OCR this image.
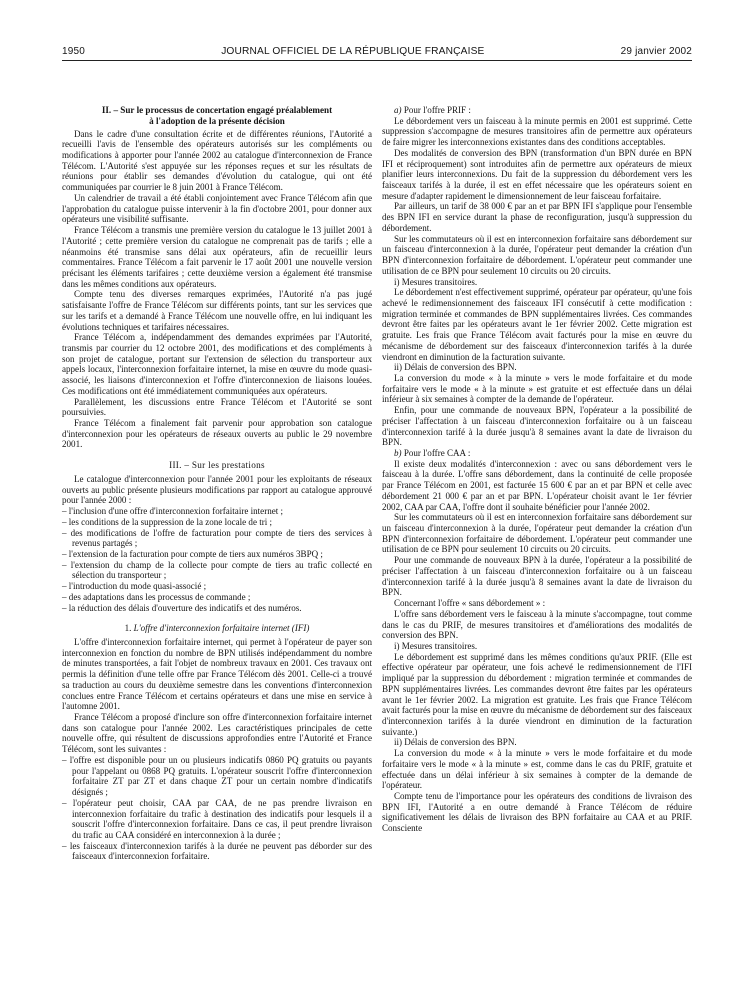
1950	JOURNAL OFFICIEL DE LA RÉPUBLIQUE FRANÇAISE	29 janvier 2002
II. – Sur le processus de concertation engagé préalablement
à l'adoption de la présente décision

Dans le cadre d'une consultation écrite et de différentes réunions, l'Autorité a recueilli l'avis de l'ensemble des opérateurs autorisés sur les compléments ou modifications à apporter pour l'année 2002 au catalogue d'interconnexion de France Télécom. L'Autorité s'est appuyée sur les réponses reçues et sur les résultats de réunions pour établir ses demandes d'évolution du catalogue, qui ont été communiquées par courrier le 8 juin 2001 à France Télécom.

Un calendrier de travail a été établi conjointement avec France Télécom afin que l'approbation du catalogue puisse intervenir à la fin d'octobre 2001, pour donner aux opérateurs une visibilité suffisante.

France Télécom a transmis une première version du catalogue le 13 juillet 2001 à l'Autorité ; cette première version du catalogue ne comprenait pas de tarifs ; elle a néanmoins été transmise sans délai aux opérateurs, afin de recueillir leurs commentaires. France Télécom a fait parvenir le 17 août 2001 une nouvelle version précisant les éléments tarifaires ; cette deuxième version a également été transmise dans les mêmes conditions aux opérateurs.

Compte tenu des diverses remarques exprimées, l'Autorité n'a pas jugé satisfaisante l'offre de France Télécom sur différents points, tant sur les services que sur les tarifs et a demandé à France Télécom une nouvelle offre, en lui indiquant les évolutions techniques et tarifaires nécessaires.

France Télécom a, indépendamment des demandes exprimées par l'Autorité, transmis par courrier du 12 octobre 2001, des modifications et des compléments à son projet de catalogue, portant sur l'extension de sélection du transporteur aux appels locaux, l'interconnexion forfaitaire internet, la mise en œuvre du mode quasi-associé, les liaisons d'interconnexion et l'offre d'interconnexion de liaisons louées. Ces modifications ont été immédiatement communiquées aux opérateurs.

Parallèlement, les discussions entre France Télécom et l'Autorité se sont poursuivies.

France Télécom a finalement fait parvenir pour approbation son catalogue d'interconnexion pour les opérateurs de réseaux ouverts au public le 29 novembre 2001.

III. – Sur les prestations

Le catalogue d'interconnexion pour l'année 2001 pour les exploitants de réseaux ouverts au public présente plusieurs modifications par rapport au catalogue approuvé pour l'année 2000 :

– l'inclusion d'une offre d'interconnexion forfaitaire internet ;
– les conditions de la suppression de la zone locale de tri ;
– des modifications de l'offre de facturation pour compte de tiers des services à revenus partagés ;
– l'extension de la facturation pour compte de tiers aux numéros 3BPQ ;
– l'extension du champ de la collecte pour compte de tiers au trafic collecté en sélection du transporteur ;
– l'introduction du mode quasi-associé ;
– des adaptations dans les processus de commande ;
– la réduction des délais d'ouverture des indicatifs et des numéros.
1. L'offre d'interconnexion forfaitaire internet (IFI)

L'offre d'interconnexion forfaitaire internet, qui permet à l'opérateur de payer son interconnexion en fonction du nombre de BPN utilisés indépendamment du nombre de minutes transportées, a fait l'objet de nombreux travaux en 2001. Ces travaux ont permis la définition d'une telle offre par France Télécom dès 2001. Celle-ci a trouvé sa traduction au cours du deuxième semestre dans les conventions d'interconnexion conclues entre France Télécom et certains opérateurs et dans une mise en service à l'automne 2001.

France Télécom a proposé d'inclure son offre d'interconnexion forfaitaire internet dans son catalogue pour l'année 2002. Les caractéristiques principales de cette nouvelle offre, qui résultent de discussions approfondies entre l'Autorité et France Télécom, sont les suivantes :

– l'offre est disponible pour un ou plusieurs indicatifs 0860 PQ gratuits ou payants pour l'appelant ou 0868 PQ gratuits. L'opérateur souscrit l'offre d'interconnexion forfaitaire ZT par ZT et dans chaque ZT pour un certain nombre d'indicatifs désignés ;
– l'opérateur peut choisir, CAA par CAA, de ne pas prendre livraison en interconnexion forfaitaire du trafic à destination des indicatifs pour lesquels il a souscrit l'offre d'interconnexion forfaitaire. Dans ce cas, il peut prendre livraison du trafic au CAA considéré en interconnexion à la durée ;
– les faisceaux d'interconnexion tarifés à la durée ne peuvent pas déborder sur des faisceaux d'interconnexion forfaitaire.

a) Pour l'offre PRIF :

Le débordement vers un faisceau à la minute permis en 2001 est supprimé. Cette suppression s'accompagne de mesures transitoires afin de permettre aux opérateurs de faire migrer les interconnexions existantes dans des conditions acceptables.

Des modalités de conversion des BPN (transformation d'un BPN durée en BPN IFI et réciproquement) sont introduites afin de permettre aux opérateurs de mieux planifier leurs interconnexions. Du fait de la suppression du débordement vers les faisceaux tarifés à la durée, il est en effet nécessaire que les opérateurs soient en mesure d'adapter rapidement le dimensionnement de leur faisceau forfaitaire.

Par ailleurs, un tarif de 38 000 € par an et par BPN IFI s'applique pour l'ensemble des BPN IFI en service durant la phase de reconfiguration, jusqu'à suppression du débordement.

Sur les commutateurs où il est en interconnexion forfaitaire sans débordement sur un faisceau d'interconnexion à la durée, l'opérateur peut demander la création d'un BPN d'interconnexion forfaitaire de débordement. L'opérateur peut commander une utilisation de ce BPN pour seulement 10 circuits ou 20 circuits.

i) Mesures transitoires.

Le débordement n'est effectivement supprimé, opérateur par opérateur, qu'une fois achevé le redimensionnement des faisceaux IFI consécutif à cette modification : migration terminée et commandes de BPN supplémentaires livrées. Ces commandes devront être faites par les opérateurs avant le 1er février 2002. Cette migration est gratuite. Les frais que France Télécom avait facturés pour la mise en œuvre du mécanisme de débordement sur des faisceaux d'interconnexion tarifés à la durée viendront en diminution de la facturation suivante.

ii) Délais de conversion des BPN.

La conversion du mode « à la minute » vers le mode forfaitaire et du mode forfaitaire vers le mode « à la minute » est gratuite et est effectuée dans un délai inférieur à six semaines à compter de la demande de l'opérateur.

Enfin, pour une commande de nouveaux BPN, l'opérateur a la possibilité de préciser l'affectation à un faisceau d'interconnexion forfaitaire ou à un faisceau d'interconnexion tarifé à la durée jusqu'à 8 semaines avant la date de livraison du BPN.

b) Pour l'offre CAA :

Il existe deux modalités d'interconnexion : avec ou sans débordement vers le faisceau à la durée. L'offre sans débordement, dans la continuité de celle proposée par France Télécom en 2001, est facturée 15 600 € par an et par BPN et celle avec débordement 21 000 € par an et par BPN. L'opérateur choisit avant le 1er février 2002, CAA par CAA, l'offre dont il souhaite bénéficier pour l'année 2002.

Sur les commutateurs où il est en interconnexion forfaitaire sans débordement sur un faisceau d'interconnexion à la durée, l'opérateur peut demander la création d'un BPN d'interconnexion forfaitaire de débordement. L'opérateur peut commander une utilisation de ce BPN pour seulement 10 circuits ou 20 circuits.

Pour une commande de nouveaux BPN à la durée, l'opérateur a la possibilité de préciser l'affectation à un faisceau d'interconnexion forfaitaire ou à un faisceau d'interconnexion tarifé à la durée jusqu'à 8 semaines avant la date de livraison du BPN.

Concernant l'offre « sans débordement » :

L'offre sans débordement vers le faisceau à la minute s'accompagne, tout comme dans le cas du PRIF, de mesures transitoires et d'améliorations des modalités de conversion des BPN.

i) Mesures transitoires.

Le débordement est supprimé dans les mêmes conditions qu'aux PRIF. (Elle est effective opérateur par opérateur, une fois achevé le redimensionnement de l'IFI impliqué par la suppression du débordement : migration terminée et commandes de BPN supplémentaires livrées. Les commandes devront être faites par les opérateurs avant le 1er février 2002. La migration est gratuite. Les frais que France Télécom avait facturés pour la mise en œuvre du mécanisme de débordement sur des faisceaux d'interconnexion tarifés à la durée viendront en diminution de la facturation suivante.)

ii) Délais de conversion des BPN.

La conversion du mode « à la minute » vers le mode forfaitaire et du mode forfaitaire vers le mode « à la minute » est, comme dans le cas du PRIF, gratuite et effectuée dans un délai inférieur à six semaines à compter de la demande de l'opérateur.

Compte tenu de l'importance pour les opérateurs des conditions de livraison des BPN IFI, l'Autorité a en outre demandé à France Télécom de réduire significativement les délais de livraison des BPN forfaitaire au CAA et au PRIF. Consciente
